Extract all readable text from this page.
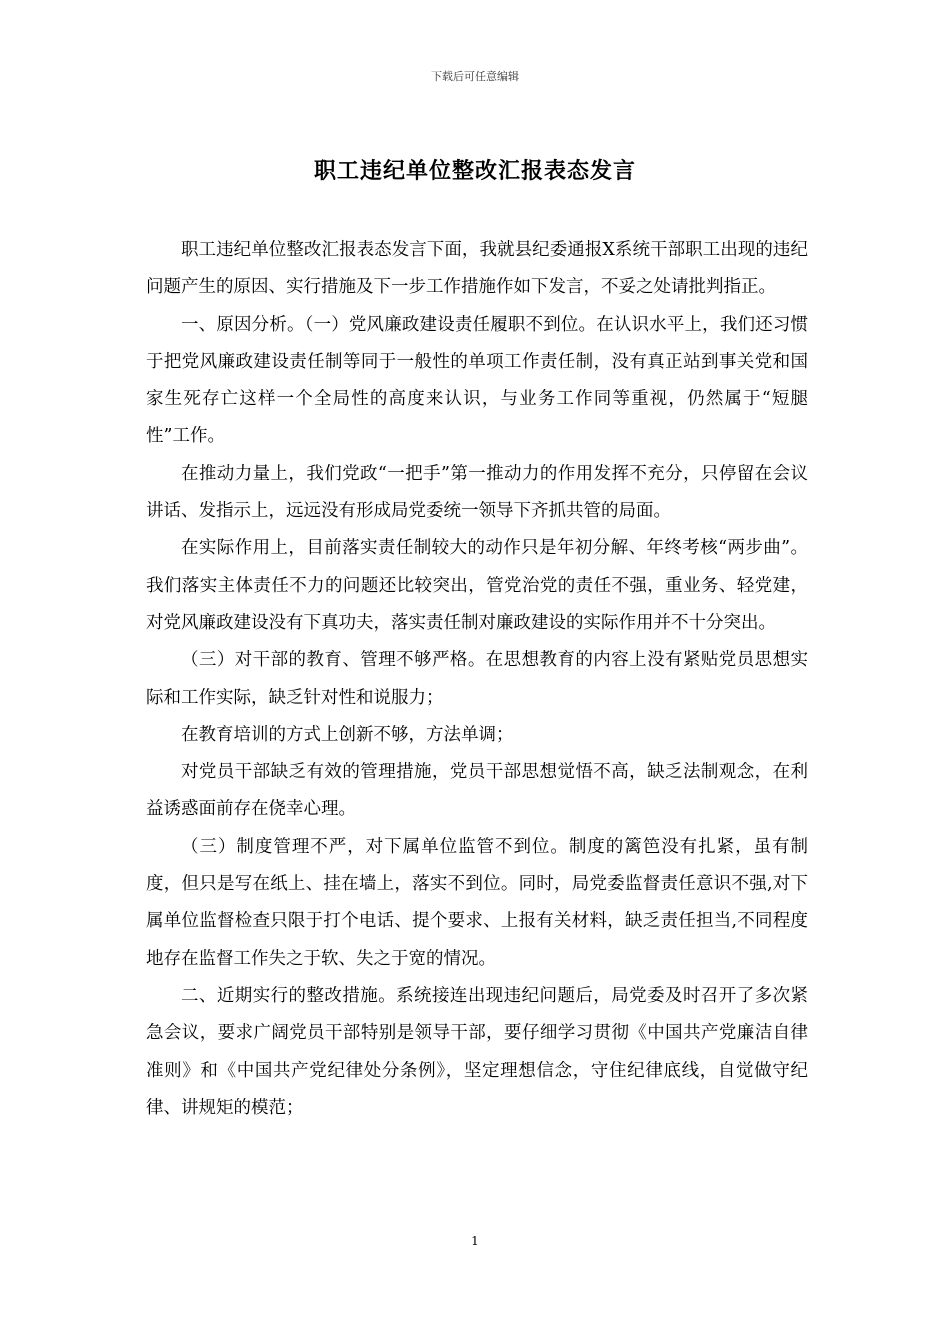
下载后可任意编辑
职工违纪单位整改汇报表态发言

职工违纪单位整改汇报表态发言下面，我就县纪委通报X系统干部职工出现的违纪问题产生的原因、实行措施及下一步工作措施作如下发言，不妥之处请批判指正。

一、原因分析。（一）党风廉政建设责任履职不到位。在认识水平上，我们还习惯于把党风廉政建设责任制等同于一般性的单项工作责任制，没有真正站到事关党和国家生死存亡这样一个全局性的高度来认识，与业务工作同等重视，仍然属于“短腿性”工作。

在推动力量上，我们党政“一把手”第一推动力的作用发挥不充分，只停留在会议讲话、发指示上，远远没有形成局党委统一领导下齐抓共管的局面。

在实际作用上，目前落实责任制较大的动作只是年初分解、年终考核“两步曲”。我们落实主体责任不力的问题还比较突出，管党治党的责任不强，重业务、轻党建，对党风廉政建设没有下真功夫，落实责任制对廉政建设的实际作用并不十分突出。

（三）对干部的教育、管理不够严格。在思想教育的内容上没有紧贴党员思想实际和工作实际，缺乏针对性和说服力；

在教育培训的方式上创新不够，方法单调；

对党员干部缺乏有效的管理措施，党员干部思想觉悟不高，缺乏法制观念，在利益诱惑面前存在侥幸心理。

（三）制度管理不严，对下属单位监管不到位。制度的篱笆没有扎紧，虽有制度，但只是写在纸上、挂在墙上，落实不到位。同时，局党委监督责任意识不强,对下属单位监督检查只限于打个电话、提个要求、上报有关材料，缺乏责任担当,不同程度地存在监督工作失之于软、失之于宽的情况。

二、近期实行的整改措施。系统接连出现违纪问题后，局党委及时召开了多次紧急会议，要求广阔党员干部特别是领导干部，要仔细学习贯彻《中国共产党廉洁自律准则》和《中国共产党纪律处分条例》，坚定理想信念，守住纪律底线，自觉做守纪律、讲规矩的模范；

1
